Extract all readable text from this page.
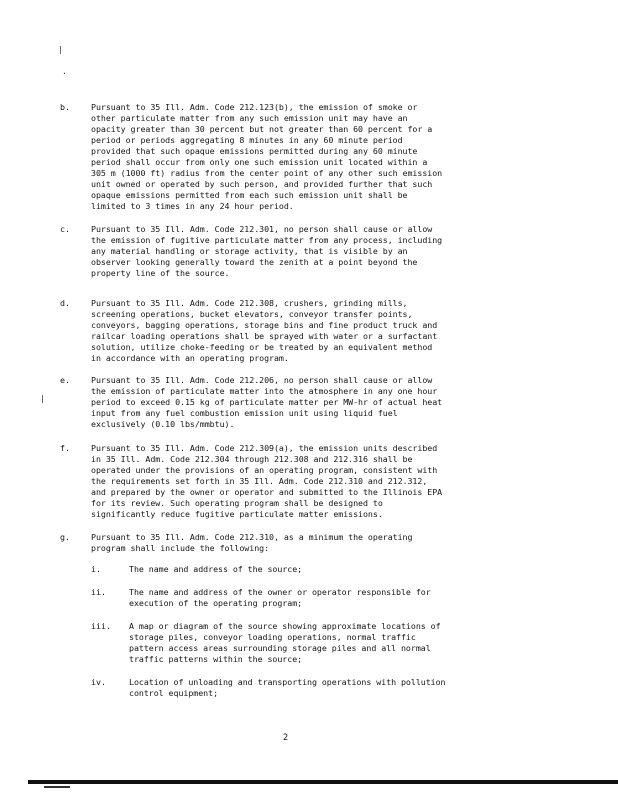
|
·
|
b.	Pursuant to 35 Ill. Adm. Code 212.123(b), the emission of smoke or
other particulate matter from any such emission unit may have an
opacity greater than 30 percent but not greater than 60 percent for a
period or periods aggregating 8 minutes in any 60 minute period
provided that such opaque emissions permitted during any 60 minute
period shall occur from only one such emission unit located within a
305 m (1000 ft) radius from the center point of any other such emission
unit owned or operated by such person, and provided further that such
opaque emissions permitted from each such emission unit shall be
limited to 3 times in any 24 hour period.
c.	Pursuant to 35 Ill. Adm. Code 212.301, no person shall cause or allow
the emission of fugitive particulate matter from any process, including
any material handling or storage activity, that is visible by an
observer looking generally toward the zenith at a point beyond the
property line of the source.
d.	Pursuant to 35 Ill. Adm. Code 212.308, crushers, grinding mills,
screening operations, bucket elevators, conveyor transfer points,
conveyors, bagging operations, storage bins and fine product truck and
railcar loading operations shall be sprayed with water or a surfactant
solution, utilize choke-feeding or be treated by an equivalent method
in accordance with an operating program.
e.	Pursuant to 35 Ill. Adm. Code 212.206, no person shall cause or allow
the emission of particulate matter into the atmosphere in any one hour
period to exceed 0.15 kg of particulate matter per MW-hr of actual heat
input from any fuel combustion emission unit using liquid fuel
exclusively (0.10 lbs/mmbtu).
f.	Pursuant to 35 Ill. Adm. Code 212.309(a), the emission units described
in 35 Ill. Adm. Code 212.304 through 212.308 and 212.316 shall be
operated under the provisions of an operating program, consistent with
the requirements set forth in 35 Ill. Adm. Code 212.310 and 212.312,
and prepared by the owner or operator and submitted to the Illinois EPA
for its review. Such operating program shall be designed to
significantly reduce fugitive particulate matter emissions.
g.	Pursuant to 35 Ill. Adm. Code 212.310, as a minimum the operating
program shall include the following:
i.	The name and address of the source;
ii.	The name and address of the owner or operator responsible for
execution of the operating program;
iii. A map or diagram of the source showing approximate locations of
storage piles, conveyor loading operations, normal traffic
pattern access areas surrounding storage piles and all normal
traffic patterns within the source;
iv.	Location of unloading and transporting operations with pollution
control equipment;
2
